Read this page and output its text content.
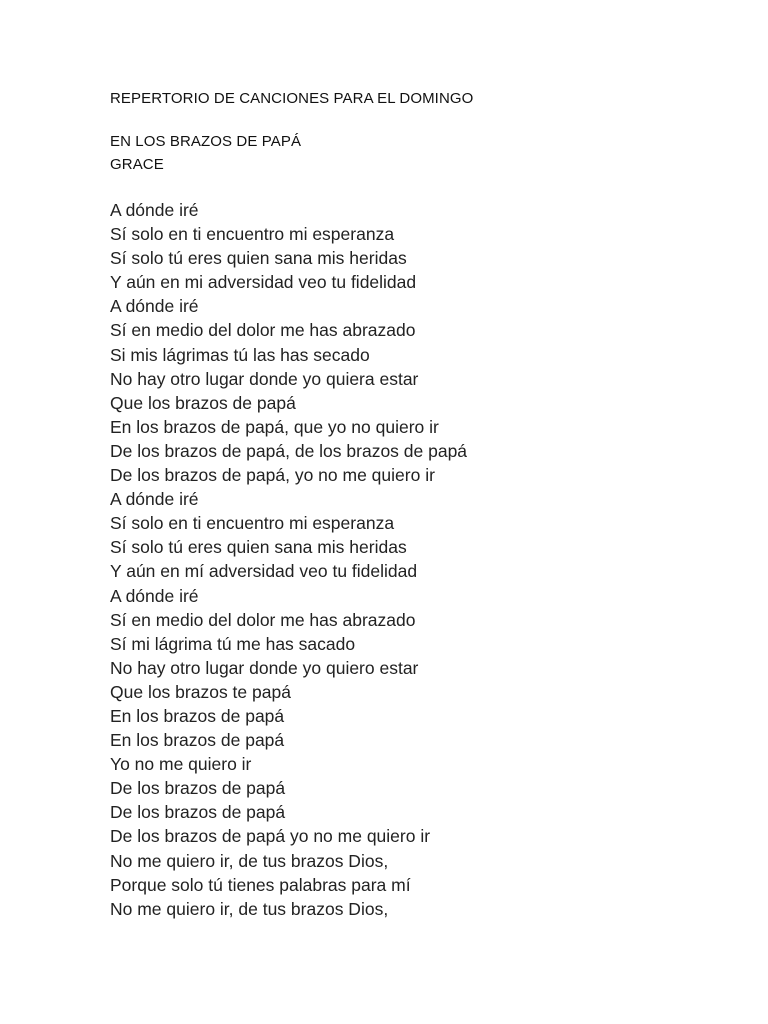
REPERTORIO DE CANCIONES PARA EL DOMINGO
EN LOS BRAZOS DE PAPÁ
GRACE
A dónde iré
Sí solo en ti encuentro mi esperanza
Sí solo tú eres quien sana mis heridas
Y aún en mi adversidad veo tu fidelidad
A dónde iré
Sí en medio del dolor me has abrazado
Si mis lágrimas tú las has secado
No hay otro lugar donde yo quiera estar
Que los brazos de papá
En los brazos de papá, que yo no quiero ir
De los brazos de papá, de los brazos de papá
De los brazos de papá, yo no me quiero ir
A dónde iré
Sí solo en ti encuentro mi esperanza
Sí solo tú eres quien sana mis heridas
Y aún en mí adversidad veo tu fidelidad
A dónde iré
Sí en medio del dolor me has abrazado
Sí mi lágrima tú me has sacado
No hay otro lugar donde yo quiero estar
Que los brazos te papá
En los brazos de papá
En los brazos de papá
Yo no me quiero ir
De los brazos de papá
De los brazos de papá
De los brazos de papá yo no me quiero ir
No me quiero ir, de tus brazos Dios,
Porque solo tú tienes palabras para mí
No me quiero ir, de tus brazos Dios,
